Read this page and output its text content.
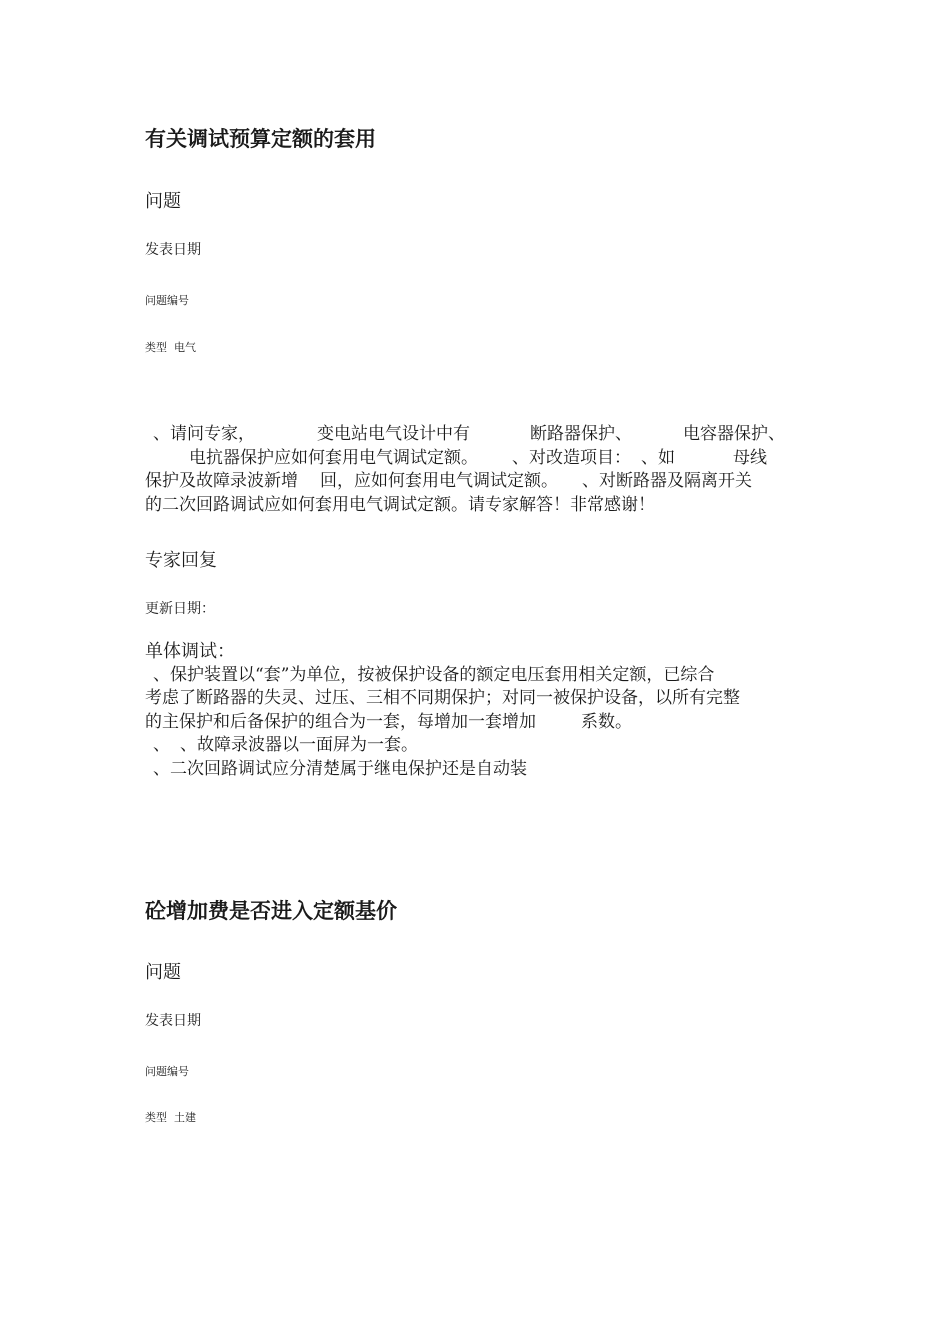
有关调试预算定额的套用
问题
发表日期
问题编号
类型 电气
、请问专家，	变电站电气设计中有	断路器保护、	电容器保护、
电抗器保护应如何套用电气调试定额。 、对改造项目： 、如	母线
保护及故障录波新增 回，应如何套用电气调试定额。 、对断路器及隔离开关
的二次回路调试应如何套用电气调试定额。请专家解答！非常感谢！
专家回复
更新日期：
单体调试：
、保护装置以“套”为单位，按被保护设备的额定电压套用相关定额，已综合
考虑了断路器的失灵、过压、三相不同期保护；对同一被保护设备，以所有完整
的主保护和后备保护的组合为一套，每增加一套增加	系数。
、 、故障录波器以一面屏为一套。
、二次回路调试应分清楚属于继电保护还是自动装
砼增加费是否进入定额基价
问题
发表日期
问题编号
类型 土建
